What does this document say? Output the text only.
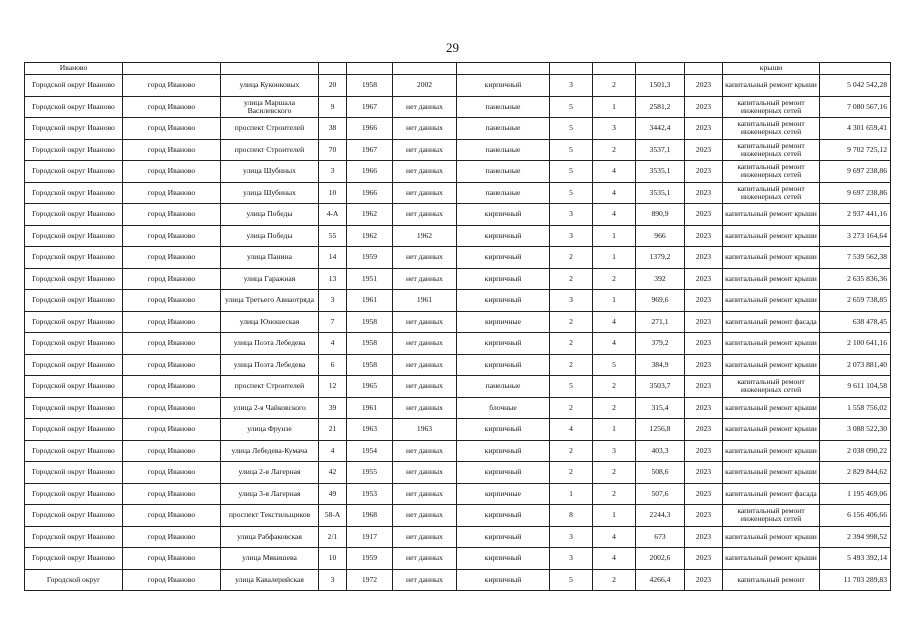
29
Иваново											крыши	
Городской округ Иваново	город Иваново	улица Куконковых	20	1958	2002	кирпичный	3	2	1501,3	2023	капитальный ремонт крыши	5 042 542,28
Городской округ Иваново	город Иваново	улица Маршала Василевского	9	1967	нет данных	панельные	5	1	2581,2	2023	капитальный ремонт инженерных сетей	7 080 567,16
Городской округ Иваново	город Иваново	проспект Строителей	38	1966	нет данных	панельные	5	3	3442,4	2023	капитальный ремонт инженерных сетей	4 301 659,41
Городской округ Иваново	город Иваново	проспект Строителей	70	1967	нет данных	панельные	5	2	3537,1	2023	капитальный ремонт инженерных сетей	9 702 725,12
Городской округ Иваново	город Иваново	улица Шубиных	3	1966	нет данных	панельные	5	4	3535,1	2023	капитальный ремонт инженерных сетей	9 697 238,86
Городской округ Иваново	город Иваново	улица Шубиных	10	1966	нет данных	панельные	5	4	3535,1	2023	капитальный ремонт инженерных сетей	9 697 238,86
Городской округ Иваново	город Иваново	улица Победы	4-А	1962	нет данных	кирпичный	3	4	890,9	2023	капитальный ремонт крыши	2 937 441,16
Городской округ Иваново	город Иваново	улица Победы	55	1962	1962	кирпичный	3	1	966	2023	капитальный ремонт крыши	3 273 164,64
Городской округ Иваново	город Иваново	улица Панина	14	1959	нет данных	кирпичный	2	1	1379,2	2023	капитальный ремонт крыши	7 539 562,38
Городской округ Иваново	город Иваново	улица Гаражная	13	1951	нет данных	кирпичный	2	2	392	2023	капитальный ремонт крыши	2 635 836,36
Городской округ Иваново	город Иваново	улица Третьего Авиаотряда	3	1961	1961	кирпичный	3	1	969,6	2023	капитальный ремонт крыши	2 659 738,85
Городской округ Иваново	город Иваново	улица Юношеская	7	1958	нет данных	кирпичные	2	4	271,1	2023	капитальный ремонт фасада	638 478,45
Городской округ Иваново	город Иваново	улица Поэта Лебедева	4	1958	нет данных	кирпичный	2	4	379,2	2023	капитальный ремонт крыши	2 100 641,16
Городской округ Иваново	город Иваново	улица Поэта Лебедева	6	1958	нет данных	кирпичный	2	5	384,9	2023	капитальный ремонт крыши	2 073 881,40
Городской округ Иваново	город Иваново	проспект Строителей	12	1965	нет данных	панельные	5	2	3503,7	2023	капитальный ремонт инженерных сетей	9 611 104,58
Городской округ Иваново	город Иваново	улица 2-я Чайковского	39	1961	нет данных	блочные	2	2	315,4	2023	капитальный ремонт крыши	1 558 756,02
Городской округ Иваново	город Иваново	улица Фрунзе	21	1963	1963	кирпичный	4	1	1256,8	2023	капитальный ремонт крыши	3 088 522,30
Городской округ Иваново	город Иваново	улица Лебедева-Кумача	4	1954	нет данных	кирпичный	2	3	403,3	2023	капитальный ремонт крыши	2 038 090,22
Городской округ Иваново	город Иваново	улица 2-я Лагерная	42	1955	нет данных	кирпичный	2	2	508,6	2023	капитальный ремонт крыши	2 829 844,62
Городской округ Иваново	город Иваново	улица 3-я Лагерная	49	1953	нет данных	кирпичные	1	2	507,6	2023	капитальный ремонт фасада	1 195 469,06
Городской округ Иваново	город Иваново	проспект Текстильщиков	58-А	1968	нет данных	кирпичный	8	1	2244,3	2023	капитальный ремонт инженерных сетей	6 156 406,66
Городской округ Иваново	город Иваново	улица Рабфаковская	2/1	1917	нет данных	кирпичный	3	4	673	2023	капитальный ремонт крыши	2 394 998,52
Городской округ Иваново	город Иваново	улица Мякишева	10	1959	нет данных	кирпичный	3	4	2002,6	2023	капитальный ремонт крыши	5 493 392,14
Городской округ	город Иваново	улица Кавалерийская	3	1972	нет данных	кирпичный	5	2	4266,4	2023	капитальный ремонт	11 703 289,83
